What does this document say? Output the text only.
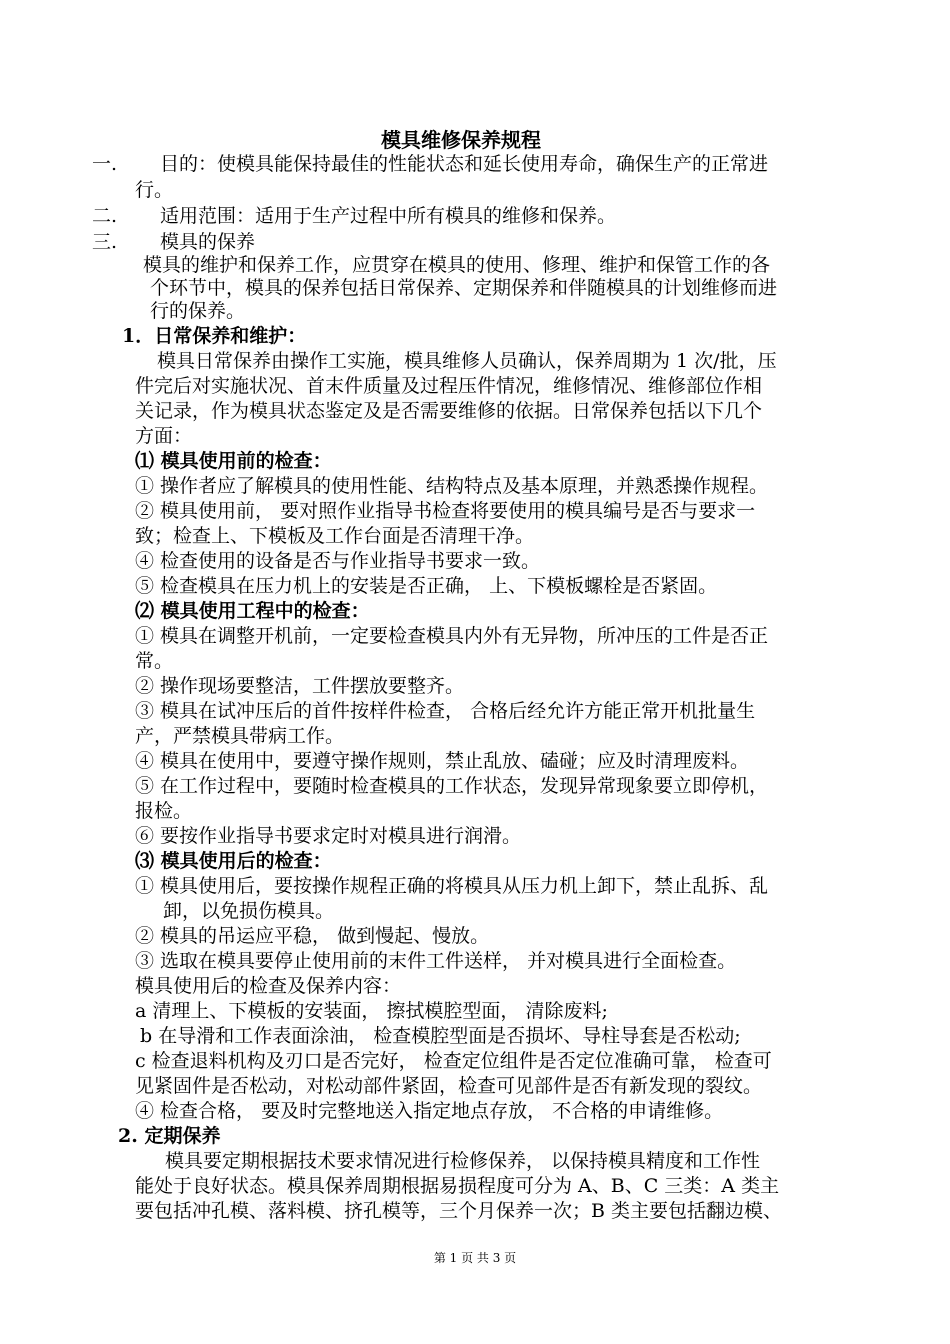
模具维修保养规程
一. 目的：使模具能保持最佳的性能状态和延长使用寿命，确保生产的正常进
行。
二. 适用范围：适用于生产过程中所有模具的维修和保养。
三. 模具的保养
模具的维护和保养工作，应贯穿在模具的使用、修理、维护和保管工作的各
个环节中，模具的保养包括日常保养、定期保养和伴随模具的计划维修而进
行的保养。
1．日常保养和维护：
模具日常保养由操作工实施，模具维修人员确认，保养周期为 1 次/批，压
件完后对实施状况、首末件质量及过程压件情况，维修情况、维修部位作相
关记录，作为模具状态鉴定及是否需要维修的依据。日常保养包括以下几个
方面：
⑴ 模具使用前的检查：
① 操作者应了解模具的使用性能、结构特点及基本原理，并熟悉操作规程。
② 模具使用前， 要对照作业指导书检查将要使用的模具编号是否与要求一
致；检查上、下模板及工作台面是否清理干净。
④ 检查使用的设备是否与作业指导书要求一致。
⑤ 检查模具在压力机上的安装是否正确， 上、下模板螺栓是否紧固。
⑵ 模具使用工程中的检查：
① 模具在调整开机前，一定要检查模具内外有无异物，所冲压的工件是否正
常。
② 操作现场要整洁，工件摆放要整齐。
③ 模具在试冲压后的首件按样件检查， 合格后经允许方能正常开机批量生
产，严禁模具带病工作。
④ 模具在使用中，要遵守操作规则，禁止乱放、磕碰；应及时清理废料。
⑤ 在工作过程中，要随时检查模具的工作状态，发现异常现象要立即停机，
报检。
⑥ 要按作业指导书要求定时对模具进行润滑。
⑶ 模具使用后的检查：
① 模具使用后，要按操作规程正确的将模具从压力机上卸下，禁止乱拆、乱
卸，以免损伤模具。
② 模具的吊运应平稳， 做到慢起、慢放。
③ 选取在模具要停止使用前的末件工件送样， 并对模具进行全面检查。
模具使用后的检查及保养内容：
a 清理上、下模板的安装面， 擦拭模腔型面， 清除废料;
b 在导滑和工作表面涂油， 检查模腔型面是否损坏、导柱导套是否松动;
c 检查退料机构及刃口是否完好， 检查定位组件是否定位准确可靠， 检查可
见紧固件是否松动，对松动部件紧固，检查可见部件是否有新发现的裂纹。
④ 检查合格， 要及时完整地送入指定地点存放， 不合格的申请维修。
2. 定期保养
模具要定期根据技术要求情况进行检修保养， 以保持模具精度和工作性
能处于良好状态。模具保养周期根据易损程度可分为 A、B、C 三类：A 类主
要包括冲孔模、落料模、挤孔模等，三个月保养一次；B 类主要包括翻边模、
第 1 页 共 3 页
